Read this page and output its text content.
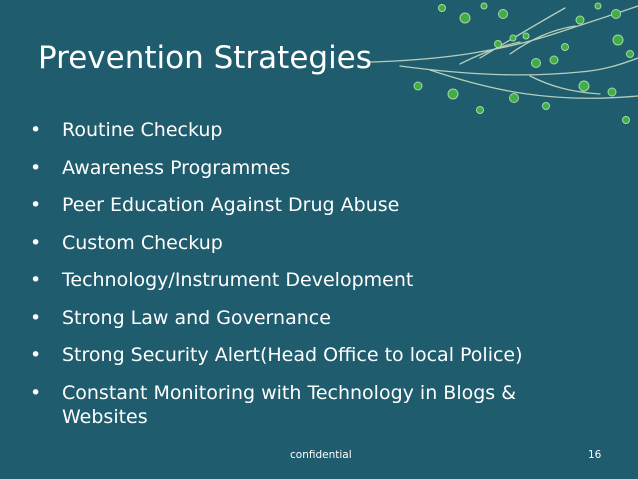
Prevention Strategies
• Routine Checkup
• Awareness Programmes
• Peer Education Against Drug Abuse
• Custom Checkup
• Technology/Instrument Development
• Strong Law and Governance
• Strong Security Alert(Head Office to local Police)
• Constant Monitoring with Technology in Blogs & Websites
confidential	16
